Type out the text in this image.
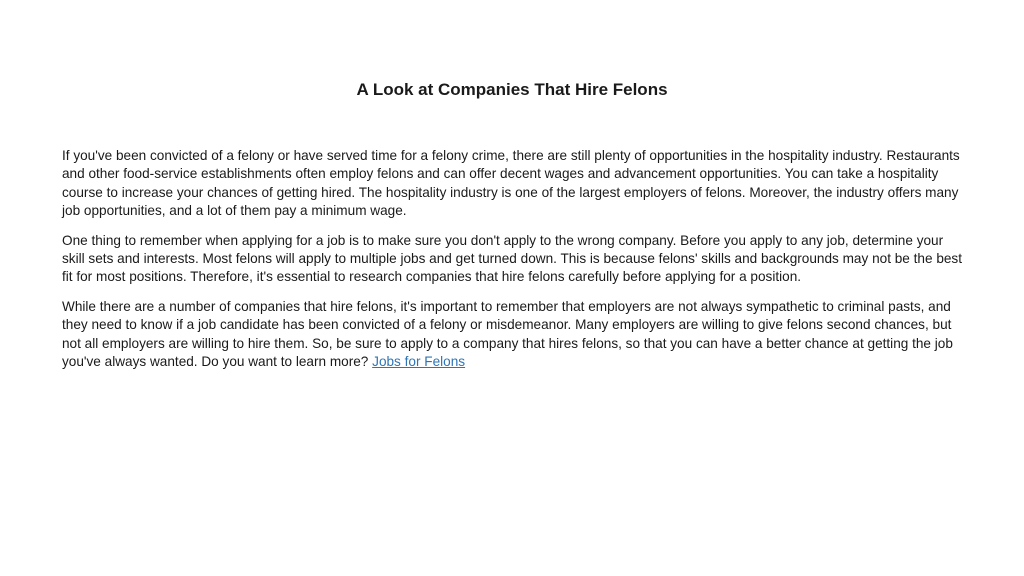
A Look at Companies That Hire Felons

If you've been convicted of a felony or have served time for a felony crime, there are still plenty of opportunities in the hospitality industry. Restaurants and other food-service establishments often employ felons and can offer decent wages and advancement opportunities. You can take a hospitality course to increase your chances of getting hired. The hospitality industry is one of the largest employers of felons. Moreover, the industry offers many job opportunities, and a lot of them pay a minimum wage.

One thing to remember when applying for a job is to make sure you don't apply to the wrong company. Before you apply to any job, determine your skill sets and interests. Most felons will apply to multiple jobs and get turned down. This is because felons' skills and backgrounds may not be the best fit for most positions. Therefore, it's essential to research companies that hire felons carefully before applying for a position.

While there are a number of companies that hire felons, it's important to remember that employers are not always sympathetic to criminal pasts, and they need to know if a job candidate has been convicted of a felony or misdemeanor. Many employers are willing to give felons second chances, but not all employers are willing to hire them. So, be sure to apply to a company that hires felons, so that you can have a better chance at getting the job you've always wanted. Do you want to learn more? Jobs for Felons
